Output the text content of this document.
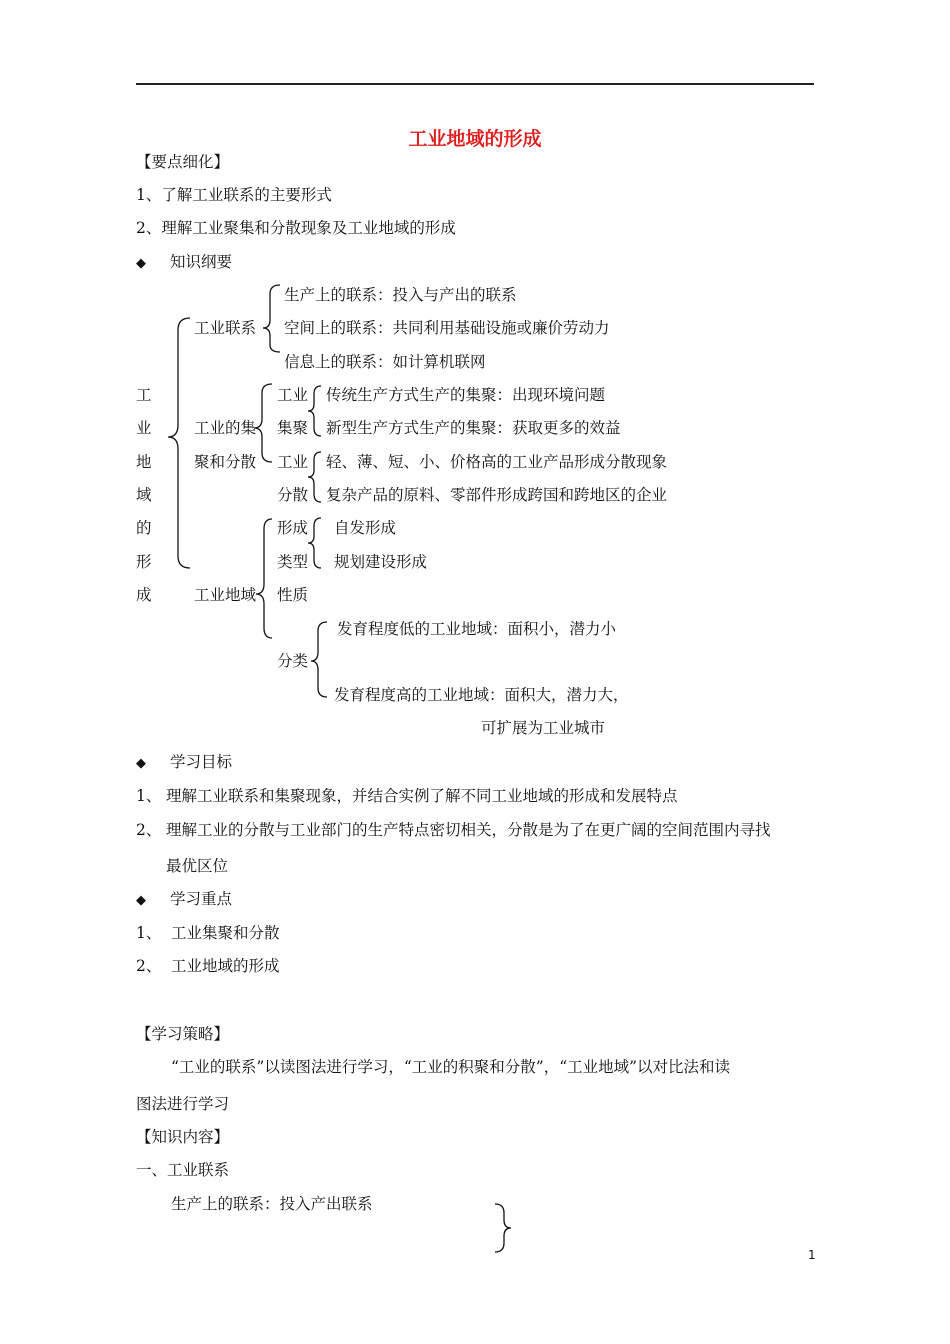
工业地域的形成
【要点细化】
1、了解工业联系的主要形式
2、理解工业聚集和分散现象及工业地域的形成
◆ 知识纲要
工
业
地
域
的
形
成
工业联系
生产上的联系：投入与产出的联系
空间上的联系：共同利用基础设施或廉价劳动力
信息上的联系：如计算机联网
工业的集
聚和分散
工业
集聚
传统生产方式生产的集聚：出现环境问题
新型生产方式生产的集聚：获取更多的效益
工业
分散
轻、薄、短、小、价格高的工业产品形成分散现象
复杂产品的原料、零部件形成跨国和跨地区的企业
工业地域
形成
类型
自发形成
规划建设形成
性质
分类
发育程度低的工业地域：面积小，潜力小
发育程度高的工业地域：面积大，潜力大，
可扩展为工业城市
◆ 学习目标
1、 理解工业联系和集聚现象，并结合实例了解不同工业地域的形成和发展特点
2、 理解工业的分散与工业部门的生产特点密切相关，分散是为了在更广阔的空间范围内寻找
最优区位
◆ 学习重点
1、 工业集聚和分散
2、 工业地域的形成
【学习策略】
“工业的联系”以读图法进行学习，“工业的积聚和分散”，“工业地域”以对比法和读
图法进行学习
【知识内容】
一、工业联系
生产上的联系：投入产出联系
1
